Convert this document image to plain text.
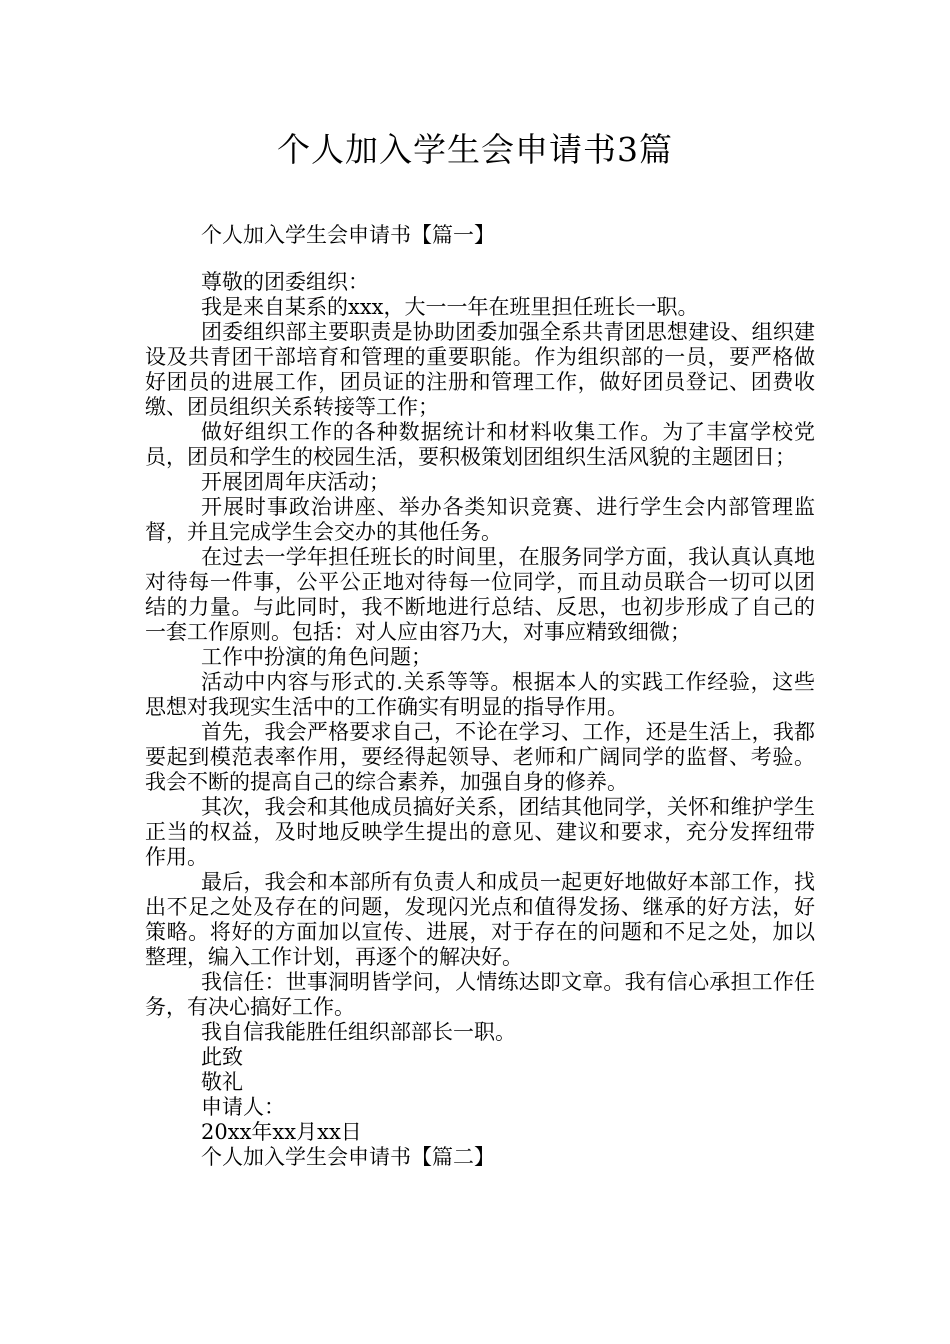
个人加入学生会申请书3篇

个人加入学生会申请书【篇一】

尊敬的团委组织：

我是来自某系的xxx，大一一年在班里担任班长一职。

团委组织部主要职责是协助团委加强全系共青团思想建设、组织建设及共青团干部培育和管理的重要职能。作为组织部的一员，要严格做好团员的进展工作，团员证的注册和管理工作，做好团员登记、团费收缴、团员组织关系转接等工作；

做好组织工作的各种数据统计和材料收集工作。为了丰富学校党员，团员和学生的校园生活，要积极策划团组织生活风貌的主题团日；

开展团周年庆活动；

开展时事政治讲座、举办各类知识竞赛、进行学生会内部管理监督，并且完成学生会交办的其他任务。

在过去一学年担任班长的时间里，在服务同学方面，我认真认真地对待每一件事，公平公正地对待每一位同学，而且动员联合一切可以团结的力量。与此同时，我不断地进行总结、反思，也初步形成了自己的一套工作原则。包括：对人应由容乃大，对事应精致细微；

工作中扮演的角色问题；

活动中内容与形式的.关系等等。根据本人的实践工作经验，这些思想对我现实生活中的工作确实有明显的指导作用。

首先，我会严格要求自己，不论在学习、工作，还是生活上，我都要起到模范表率作用，要经得起领导、老师和广阔同学的监督、考验。我会不断的提高自己的综合素养，加强自身的修养。

其次，我会和其他成员搞好关系，团结其他同学，关怀和维护学生正当的权益，及时地反映学生提出的意见、建议和要求，充分发挥纽带作用。

最后，我会和本部所有负责人和成员一起更好地做好本部工作，找出不足之处及存在的问题，发现闪光点和值得发扬、继承的好方法，好策略。将好的方面加以宣传、进展，对于存在的问题和不足之处，加以整理，编入工作计划，再逐个的解决好。

我信任：世事洞明皆学问，人情练达即文章。我有信心承担工作任务，有决心搞好工作。

我自信我能胜任组织部部长一职。

此致

敬礼

申请人：

20xx年xx月xx日

个人加入学生会申请书【篇二】
